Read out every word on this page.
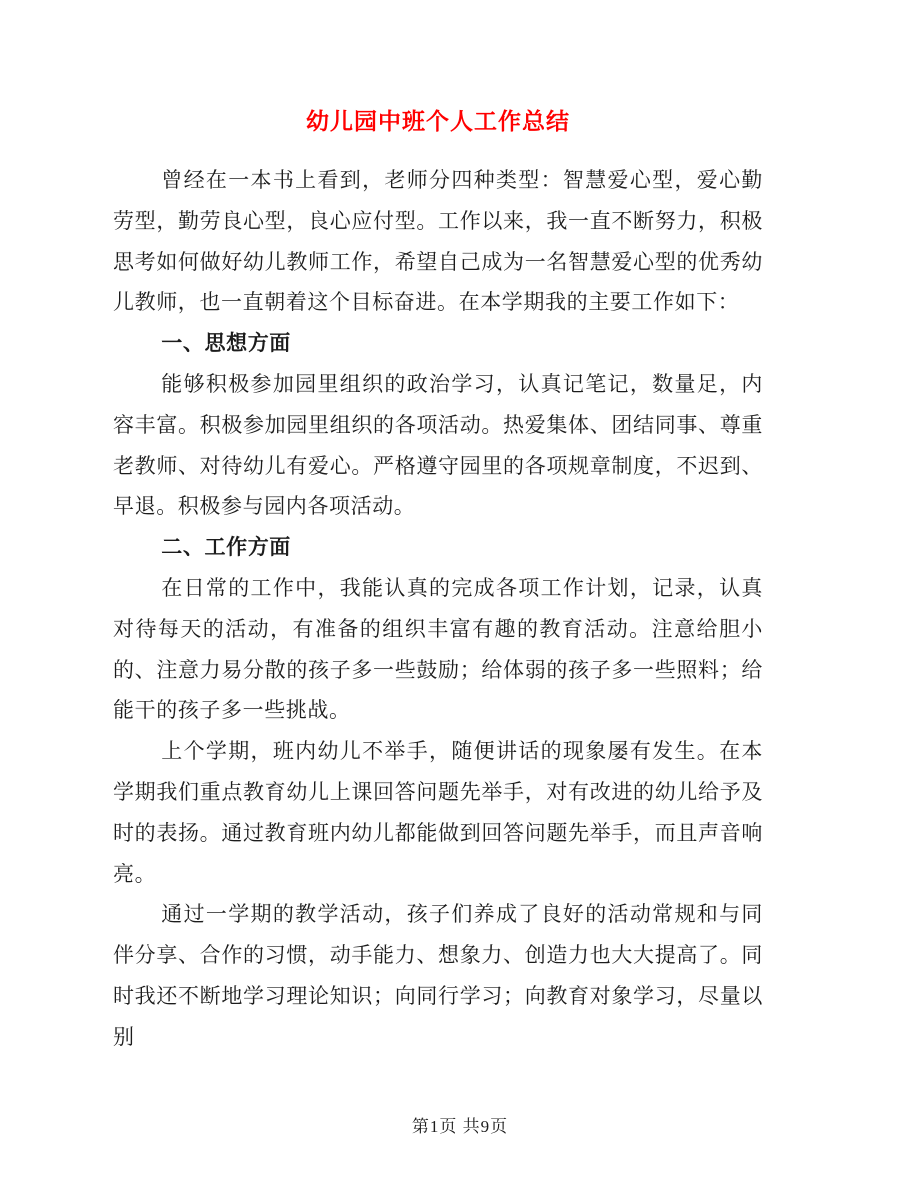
幼儿园中班个人工作总结

曾经在一本书上看到，老师分四种类型：智慧爱心型，爱心勤劳型，勤劳良心型，良心应付型。工作以来，我一直不断努力，积极思考如何做好幼儿教师工作，希望自己成为一名智慧爱心型的优秀幼儿教师，也一直朝着这个目标奋进。在本学期我的主要工作如下：

一、思想方面

能够积极参加园里组织的政治学习，认真记笔记，数量足，内容丰富。积极参加园里组织的各项活动。热爱集体、团结同事、尊重老教师、对待幼儿有爱心。严格遵守园里的各项规章制度，不迟到、早退。积极参与园内各项活动。

二、工作方面

在日常的工作中，我能认真的完成各项工作计划，记录，认真对待每天的活动，有准备的组织丰富有趣的教育活动。注意给胆小的、注意力易分散的孩子多一些鼓励；给体弱的孩子多一些照料；给能干的孩子多一些挑战。

上个学期，班内幼儿不举手，随便讲话的现象屡有发生。在本学期我们重点教育幼儿上课回答问题先举手，对有改进的幼儿给予及时的表扬。通过教育班内幼儿都能做到回答问题先举手，而且声音响亮。

通过一学期的教学活动，孩子们养成了良好的活动常规和与同伴分享、合作的习惯，动手能力、想象力、创造力也大大提高了。同时我还不断地学习理论知识；向同行学习；向教育对象学习，尽量以别

第1页 共9页
